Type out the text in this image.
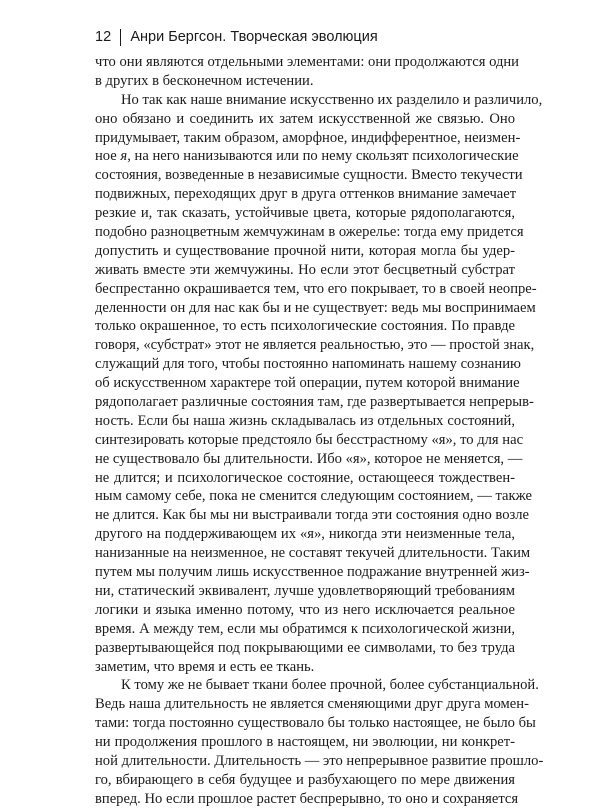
12 Анри Бергсон. Творческая эволюция
что они являются отдельными элементами: они продолжаются одни
в других в бесконечном истечении.
Но так как наше внимание искусственно их разделило и различило,
оно обязано и соединить их затем искусственной же связью. Оно
придумывает, таким образом, аморфное, индифферентное, неизмен-
ное я, на него нанизываются или по нему скользят психологические
состояния, возведенные в независимые сущности. Вместо текучести
подвижных, переходящих друг в друга оттенков внимание замечает
резкие и, так сказать, устойчивые цвета, которые рядополагаются,
подобно разноцветным жемчужинам в ожерелье: тогда ему придется
допустить и существование прочной нити, которая могла бы удер-
живать вместе эти жемчужины. Но если этот бесцветный субстрат
беспрестанно окрашивается тем, что его покрывает, то в своей неопре-
деленности он для нас как бы и не существует: ведь мы воспринимаем
только окрашенное, то есть психологические состояния. По правде
говоря, «субстрат» этот не является реальностью, это — простой знак,
служащий для того, чтобы постоянно напоминать нашему сознанию
об искусственном характере той операции, путем которой внимание
рядополагает различные состояния там, где развертывается непрерыв-
ность. Если бы наша жизнь складывалась из отдельных состояний,
синтезировать которые предстояло бы бесстрастному «я», то для нас
не существовало бы длительности. Ибо «я», которое не меняется, —
не длится; и психологическое состояние, остающееся тождествен-
ным самому себе, пока не сменится следующим состоянием, — также
не длится. Как бы мы ни выстраивали тогда эти состояния одно возле
другого на поддерживающем их «я», никогда эти неизменные тела,
нанизанные на неизменное, не составят текучей длительности. Таким
путем мы получим лишь искусственное подражание внутренней жиз-
ни, статический эквивалент, лучше удовлетворяющий требованиям
логики и языка именно потому, что из него исключается реальное
время. А между тем, если мы обратимся к психологической жизни,
развертывающейся под покрывающими ее символами, то без труда
заметим, что время и есть ее ткань.
К тому же не бывает ткани более прочной, более субстанциальной.
Ведь наша длительность не является сменяющими друг друга момен-
тами: тогда постоянно существовало бы только настоящее, не было бы
ни продолжения прошлого в настоящем, ни эволюции, ни конкрет-
ной длительности. Длительность — это непрерывное развитие прошло-
го, вбирающего в себя будущее и разбухающего по мере движения
вперед. Но если прошлое растет беспрерывно, то оно и сохраняется
